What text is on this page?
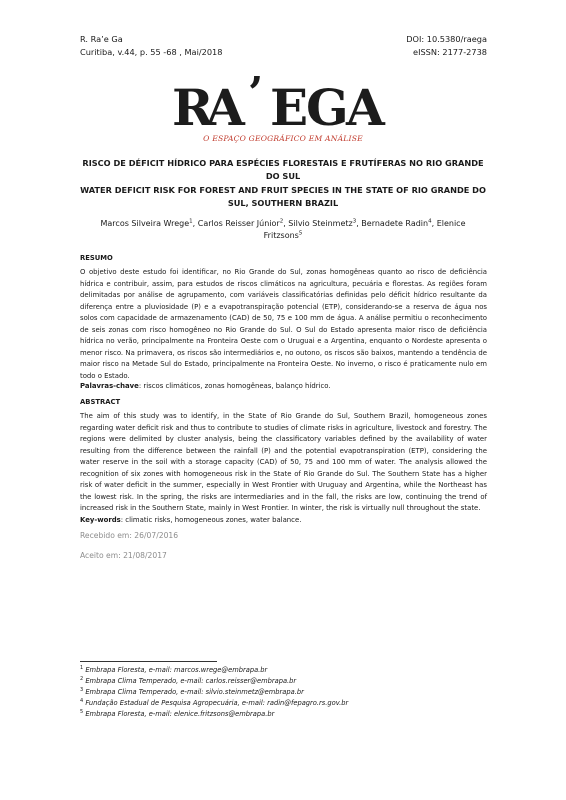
R. Ra’e Ga
Curitiba, v.44, p. 55 -68 , Mai/2018
DOI: 10.5380/raega
eISSN: 2177-2738
R
A ’ E
G
A
O ESPAÇO GEOGRÁFICO EM ANÁLISE
RISCO DE DÉFICIT HÍDRICO PARA ESPÉCIES FLORESTAIS E FRUTÍFERAS NO RIO GRANDE DO SUL
WATER DEFICIT RISK FOR FOREST AND FRUIT SPECIES IN THE STATE OF RIO GRANDE DO SUL, SOUTHERN BRAZIL
Marcos Silveira Wrege$^1$, Carlos Reisser Júnior$^2$, Silvio Steinmetz$^3$, Bernadete Radin$^4$, Elenice Fritzsons$^5$
RESUMO
O objetivo deste estudo foi identificar, no Rio Grande do Sul, zonas homogêneas quanto ao risco de deficiência hídrica e contribuir, assim, para estudos de riscos climáticos na agricultura, pecuária e florestas. As regiões foram delimitadas por análise de agrupamento, com variáveis classificatórias definidas pelo déficit hídrico resultante da diferença entre a pluviosidade (P) e a evapotranspiração potencial (ETP), considerando-se a reserva de água nos solos com capacidade de armazenamento (CAD) de 50, 75 e 100 mm de água. A análise permitiu o reconhecimento de seis zonas com risco homogêneo no Rio Grande do Sul. O Sul do Estado apresenta maior risco de deficiência hídrica no verão, principalmente na Fronteira Oeste com o Uruguai e a Argentina, enquanto o Nordeste apresenta o menor risco. Na primavera, os riscos são intermediários e, no outono, os riscos são baixos, mantendo a tendência de maior risco na Metade Sul do Estado, principalmente na Fronteira Oeste. No inverno, o risco é praticamente nulo em todo o Estado.
Palavras-chave: riscos climáticos, zonas homogêneas, balanço hídrico.
ABSTRACT
The aim of this study was to identify, in the State of Rio Grande do Sul, Southern Brazil, homogeneous zones regarding water deficit risk and thus to contribute to studies of climate risks in agriculture, livestock and forestry. The regions were delimited by cluster analysis, being the classificatory variables defined by the availability of water resulting from the difference between the rainfall (P) and the potential evapotranspiration (ETP), considering the water reserve in the soil with a storage capacity (CAD) of 50, 75 and 100 mm of water. The analysis allowed the recognition of six zones with homogeneous risk in the State of Rio Grande do Sul. The Southern State has a higher risk of water deficit in the summer, especially in West Frontier with Uruguay and Argentina, while the Northeast has the lowest risk. In the spring, the risks are intermediaries and in the fall, the risks are low, continuing the trend of increased risk in the Southern State, mainly in West Frontier. In winter, the risk is virtually null throughout the state.
Key-words: climatic risks, homogeneous zones, water balance.
Recebido em: 26/07/2016
Aceito em: 21/08/2017
$^1$ Embrapa Floresta, e-mail: marcos.wrege@embrapa.br
$^2$ Embrapa Clima Temperado, e-mail: carlos.reisser@embrapa.br
$^3$ Embrapa Clima Temperado, e-mail: silvio.steinmetz@embrapa.br
$^4$ Fundação Estadual de Pesquisa Agropecuária, e-mail: radin@fepagro.rs.gov.br
$^5$ Embrapa Floresta, e-mail: elenice.fritzsons@embrapa.br
